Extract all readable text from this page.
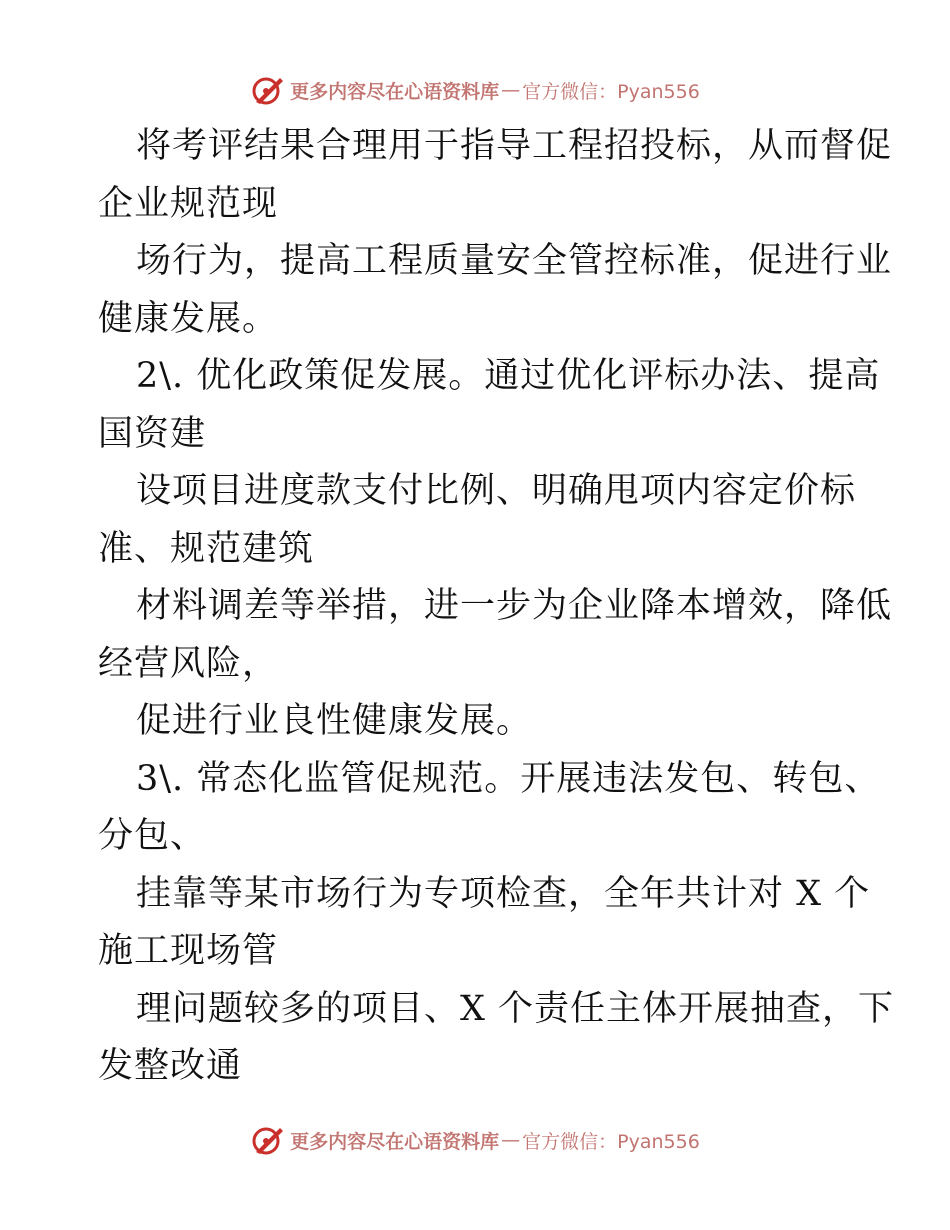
更多内容尽在心语资料库 — 官方微信：Pyan556
将考评结果合理用于指导工程招投标，从而督促
企业规范现
场行为，提高工程质量安全管控标准，促进行业
健康发展。
2\. 优化政策促发展。通过优化评标办法、提高
国资建
设项目进度款支付比例、明确甩项内容定价标
准、规范建筑
材料调差等举措，进一步为企业降本增效，降低
经营风险，
促进行业良性健康发展。
3\. 常态化监管促规范。开展违法发包、转包、
分包、
挂靠等某市场行为专项检查，全年共计对 X 个
施工现场管
理问题较多的项目、X 个责任主体开展抽查，下
发整改通
更多内容尽在心语资料库 — 官方微信：Pyan556
